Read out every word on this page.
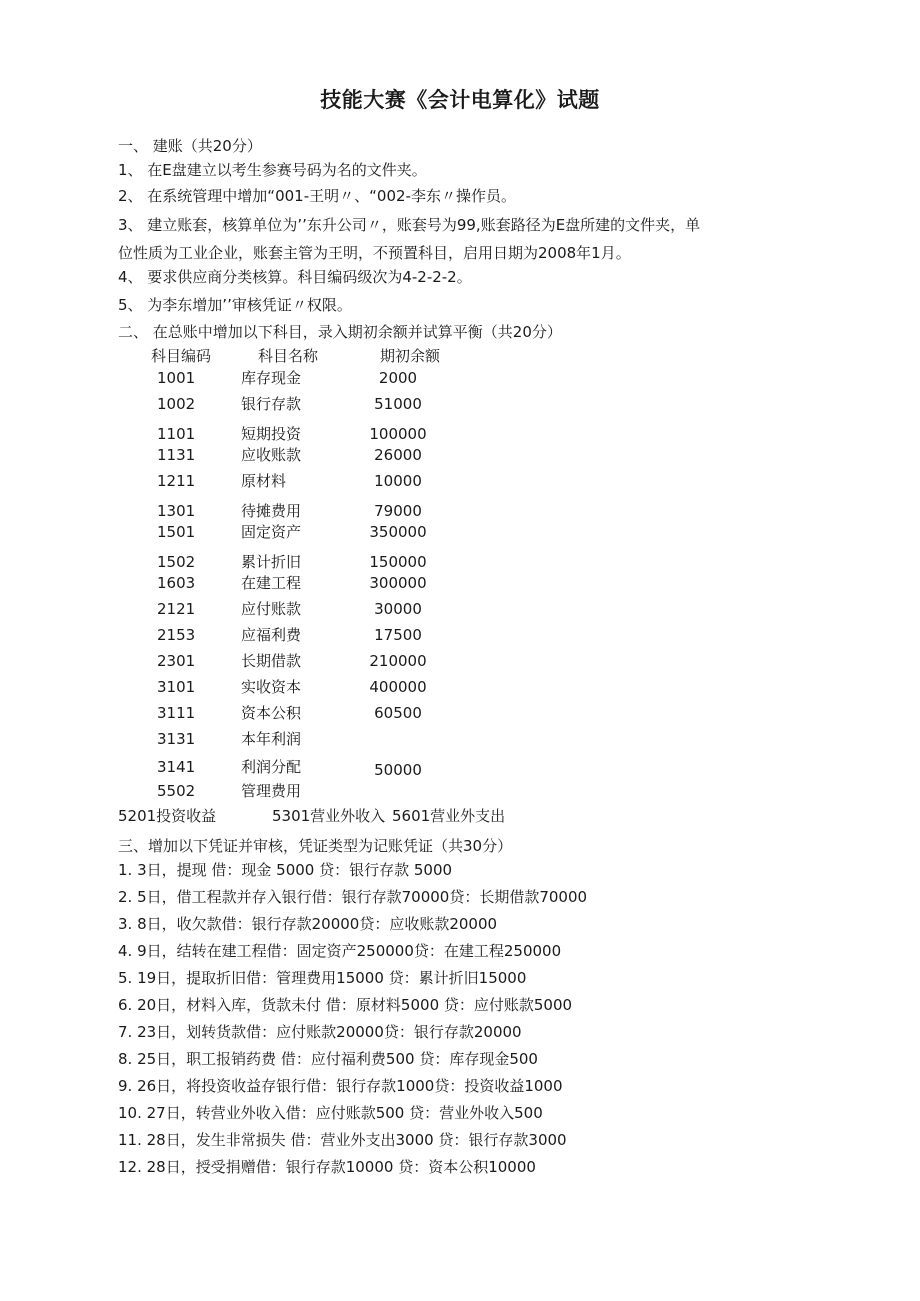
技能大赛《会计电算化》试题
一、 建账（共20分）
1、 在E盘建立以考生参赛号码为名的文件夹。
2、 在系统管理中增加“001-王明〃、“002-李东〃操作员。
3、 建立账套，核算单位为’’东升公司〃，账套号为99,账套路径为E盘所建的文件夹，单
位性质为工业企业，账套主管为王明，不预置科目，启用日期为2008年1月。
4、 要求供应商分类核算。科目编码级次为4-2-2-2。
5、 为李东增加’’审核凭证〃权限。
二、 在总账中增加以下科目，录入期初余额并试算平衡（共20分）
科目编码	科目名称	期初余额
1001	库存现金	2000
1002	银行存款	51000
1101	短期投资	100000
1131	应收账款	26000
1211	原材料	10000
1301	待摊费用	79000
1501	固定资产	350000
1502	累计折旧	150000
1603	在建工程	300000
2121	应付账款	30000
2153	应福利费	17500
2301	长期借款	210000
3101	实收资本	400000
3111	资本公积	60500
3131	本年利润
3141	利润分配	50000
5502	管理费用
5201投资收益	5301营业外收入 5601营业外支出
三、增加以下凭证并审核，凭证类型为记账凭证（共30分）
1. 3日，提现 借：现金 5000 贷：银行存款 5000
2. 5日，借工程款并存入银行借：银行存款70000贷：长期借款70000
3. 8日，收欠款借：银行存款20000贷：应收账款20000
4. 9日，结转在建工程借：固定资产250000贷：在建工程250000
5. 19日，提取折旧借：管理费用15000 贷：累计折旧15000
6. 20日，材料入库，货款未付 借：原材料5000 贷：应付账款5000
7. 23日，划转货款借：应付账款20000贷：银行存款20000
8. 25日，职工报销药费 借：应付福利费500 贷：库存现金500
9. 26日，将投资收益存银行借：银行存款1000贷：投资收益1000
10. 27日，转营业外收入借：应付账款500 贷：营业外收入500
11. 28日，发生非常损失 借：营业外支出3000 贷：银行存款3000
12. 28日，授受捐赠借：银行存款10000 贷：资本公积10000
